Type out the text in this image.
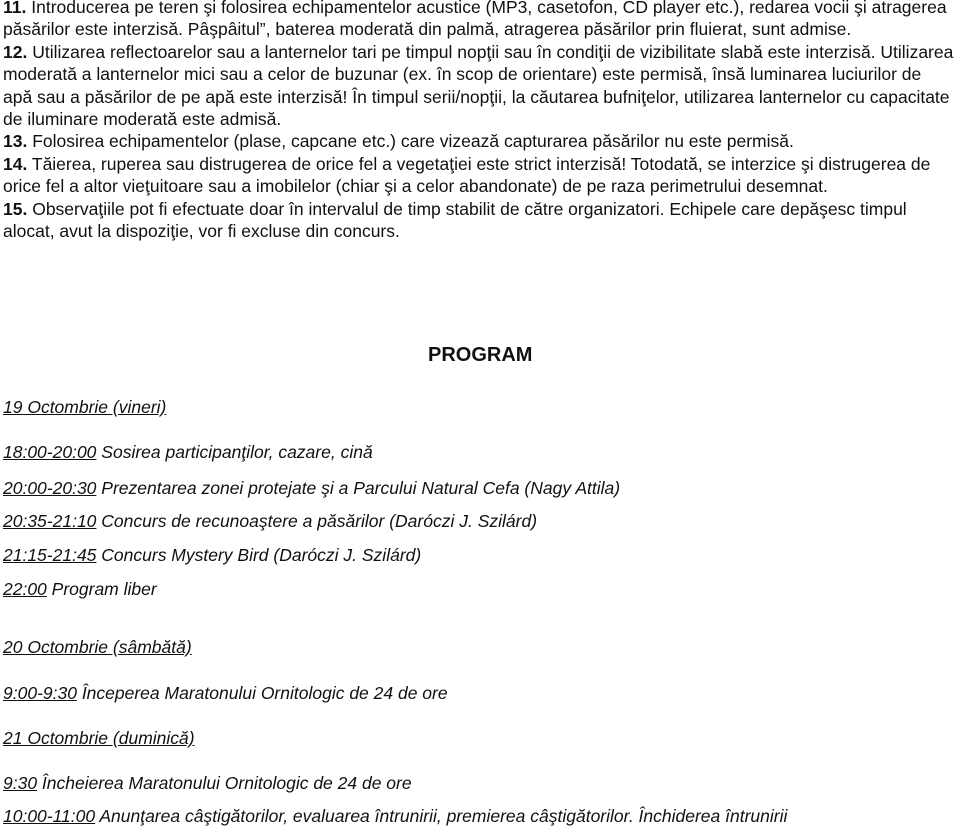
11. Introducerea pe teren şi folosirea echipamentelor acustice (MP3, casetofon, CD player etc.), redarea vocii şi atragerea păsărilor este interzisă. Pâşpâitul”, baterea moderată din palmă, atragerea păsărilor prin fluierat, sunt admise.

12. Utilizarea reflectoarelor sau a lanternelor tari pe timpul nopţii sau în condiţii de vizibilitate slabă este interzisă. Utilizarea moderată a lanternelor mici sau a celor de buzunar (ex. în scop de orientare) este permisă, însă luminarea luciurilor de apă sau a păsărilor de pe apă este interzisă! În timpul serii/nopţii, la căutarea bufniţelor, utilizarea lanternelor cu capacitate de iluminare moderată este admisă.

13. Folosirea echipamentelor (plase, capcane etc.) care vizează capturarea păsărilor nu este permisă.

14. Tăierea, ruperea sau distrugerea de orice fel a vegetaţiei este strict interzisă! Totodată, se interzice şi distrugerea de orice fel a altor vieţuitoare sau a imobilelor (chiar şi a celor abandonate) de pe raza perimetrului desemnat.

15. Observaţiile pot fi efectuate doar în intervalul de timp stabilit de către organizatori. Echipele care depăşesc timpul alocat, avut la dispoziţie, vor fi excluse din concurs.

PROGRAM
19 Octombrie (vineri)
18:00-20:00 Sosirea participanţilor, cazare, cină
20:00-20:30 Prezentarea zonei protejate şi a Parcului Natural Cefa (Nagy Attila)
20:35-21:10 Concurs de recunoaştere a păsărilor (Daróczi J. Szilárd)
21:15-21:45 Concurs Mystery Bird (Daróczi J. Szilárd)
22:00 Program liber
20 Octombrie (sâmbătă)
9:00-9:30 Începerea Maratonului Ornitologic de 24 de ore
21 Octombrie (duminică)
9:30 Încheierea Maratonului Ornitologic de 24 de ore
10:00-11:00 Anunţarea câştigătorilor, evaluarea întrunirii, premierea câştigătorilor. Închiderea întrunirii
